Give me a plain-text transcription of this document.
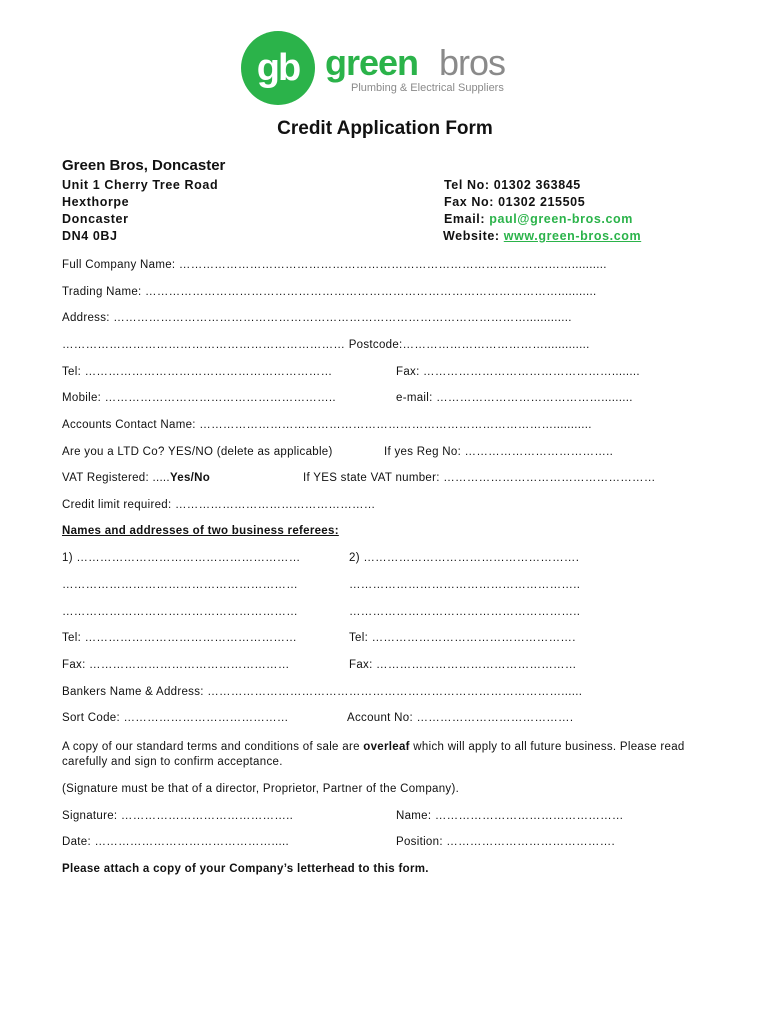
gb green bros
Plumbing & Electrical Suppliers
Credit Application Form
Green Bros, Doncaster
Unit 1 Cherry Tree Road
Hexthorpe
Doncaster
DN4 0BJ
Tel No: 01302 363845
Fax No: 01302 215505
Email: paul@green-bros.com
Website: www.green-bros.com
Full Company Name: ………………………………………………………………………………….……..........
Trading Name: ……………………………………………………………………………………………...........
Address: …………………………………………………………………………………………….............
……………………………………………………………… Postcode:……………………………….............
Tel: ………………………………………………………	Fax: …………………………………………........
Mobile: …………………………………………………..	e-mail: …………………………………….........
Accounts Contact Name: ………………………………………………………………………………...........
Are you a LTD Co? YES/NO (delete as applicable)	If yes Reg No: ………………………………..
VAT Registered: .....Yes/No	If YES state VAT number: ………………………………………………
Credit limit required: ……………………………………………
Names and addresses of two business referees:
1) …………………………………………………	2) ……………………………………………….
……………………………………………………	…………………………………………………..
……………………………………………………	…………………………………………………..
Tel: ………………………………………………	Tel: …………………………………………….
Fax: ……………………………………………	Fax: ……………………………………………
Bankers Name & Address: ………………………………………………………………………………......
Sort Code: ……………………………………	Account No: ………………………………….
A copy of our standard terms and conditions of sale are overleaf which will apply to all future business. Please read carefully and sign to confirm acceptance.
(Signature must be that of a director, Proprietor, Partner of the Company).
Signature: ……………………………………..	Name: …………………………………………
Date: ……………………………………….....	Position: …………………………………….
Please attach a copy of your Company’s letterhead to this form.
